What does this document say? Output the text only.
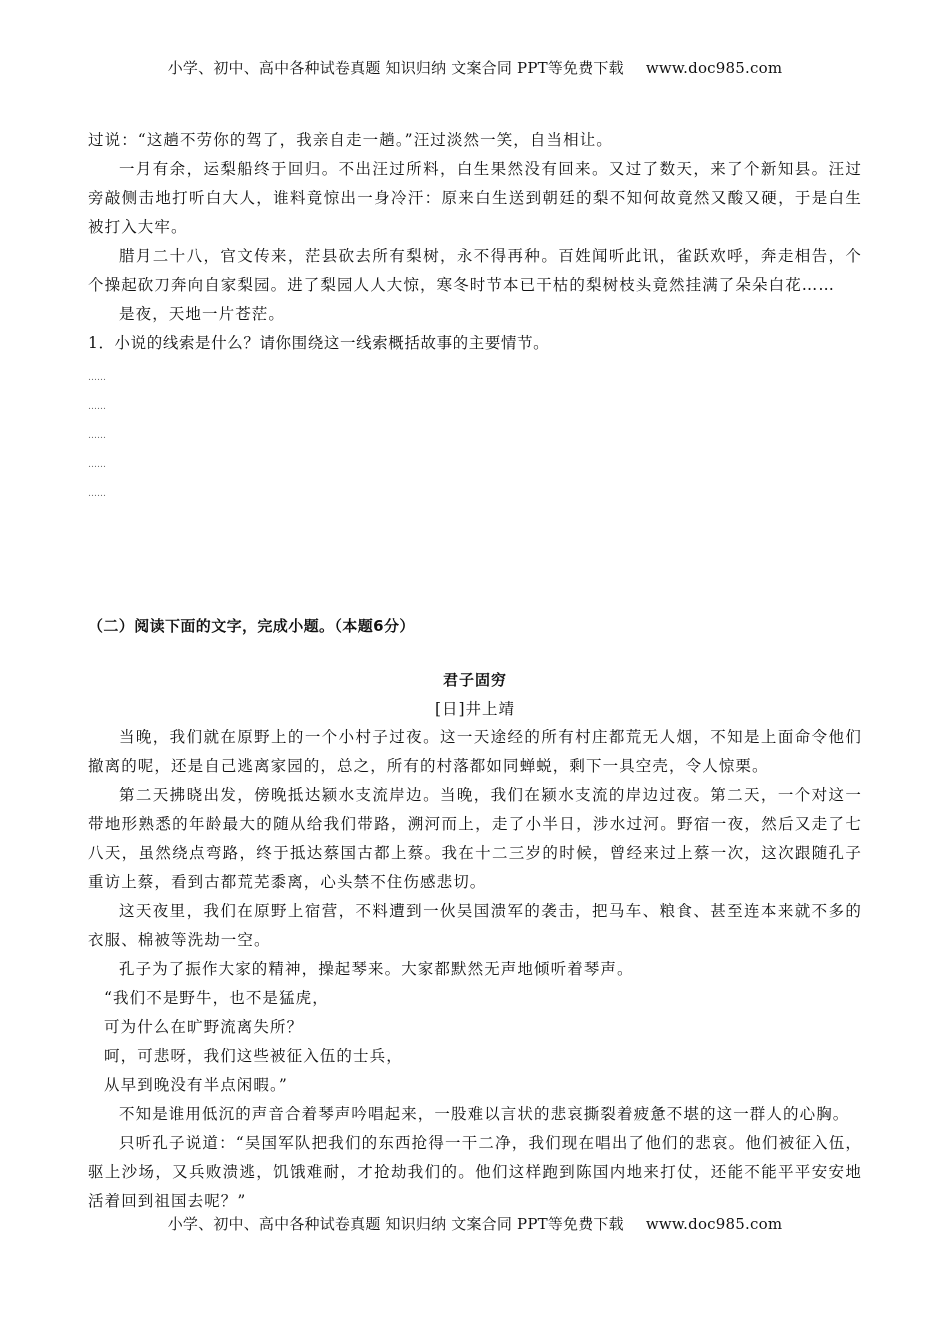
小学、初中、高中各种试卷真题 知识归纳 文案合同 PPT等免费下载 www.doc985.com

过说：“这趟不劳你的驾了，我亲自走一趟。”汪过淡然一笑，自当相让。

一月有余，运梨船终于回归。不出汪过所料，白生果然没有回来。又过了数天，来了个新知县。汪过旁敲侧击地打听白大人，谁料竟惊出一身冷汗：原来白生送到朝廷的梨不知何故竟然又酸又硬，于是白生被打入大牢。

腊月二十八，官文传来，茫县砍去所有梨树，永不得再种。百姓闻听此讯，雀跃欢呼，奔走相告，个个操起砍刀奔向自家梨园。进了梨园人人大惊，寒冬时节本已干枯的梨树枝头竟然挂满了朵朵白花……

是夜，天地一片苍茫。

1．小说的线索是什么？请你围绕这一线索概括故事的主要情节。

……
……
……
……
……

（二）阅读下面的文字，完成小题。（本题6分）

君子固穷

[日]井上靖

当晚，我们就在原野上的一个小村子过夜。这一天途经的所有村庄都荒无人烟，不知是上面命令他们撤离的呢，还是自己逃离家园的，总之，所有的村落都如同蝉蜕，剩下一具空壳，令人惊栗。

第二天拂晓出发，傍晚抵达颍水支流岸边。当晚，我们在颍水支流的岸边过夜。第二天，一个对这一带地形熟悉的年龄最大的随从给我们带路，溯河而上，走了小半日，涉水过河。野宿一夜，然后又走了七八天，虽然绕点弯路，终于抵达蔡国古都上蔡。我在十二三岁的时候，曾经来过上蔡一次，这次跟随孔子重访上蔡，看到古都荒芜黍离，心头禁不住伤感悲切。

这天夜里，我们在原野上宿营，不料遭到一伙吴国溃军的袭击，把马车、粮食、甚至连本来就不多的衣服、棉被等洗劫一空。

孔子为了振作大家的精神，操起琴来。大家都默然无声地倾听着琴声。

“我们不是野牛，也不是猛虎，

可为什么在旷野流离失所？

呵，可悲呀，我们这些被征入伍的士兵，

从早到晚没有半点闲暇。”

不知是谁用低沉的声音合着琴声吟唱起来，一股难以言状的悲哀撕裂着疲惫不堪的这一群人的心胸。

只听孔子说道：“吴国军队把我们的东西抢得一干二净，我们现在唱出了他们的悲哀。他们被征入伍，驱上沙场，又兵败溃逃，饥饿难耐，才抢劫我们的。他们这样跑到陈国内地来打仗，还能不能平平安安地活着回到祖国去呢？”

小学、初中、高中各种试卷真题 知识归纳 文案合同 PPT等免费下载 www.doc985.com
